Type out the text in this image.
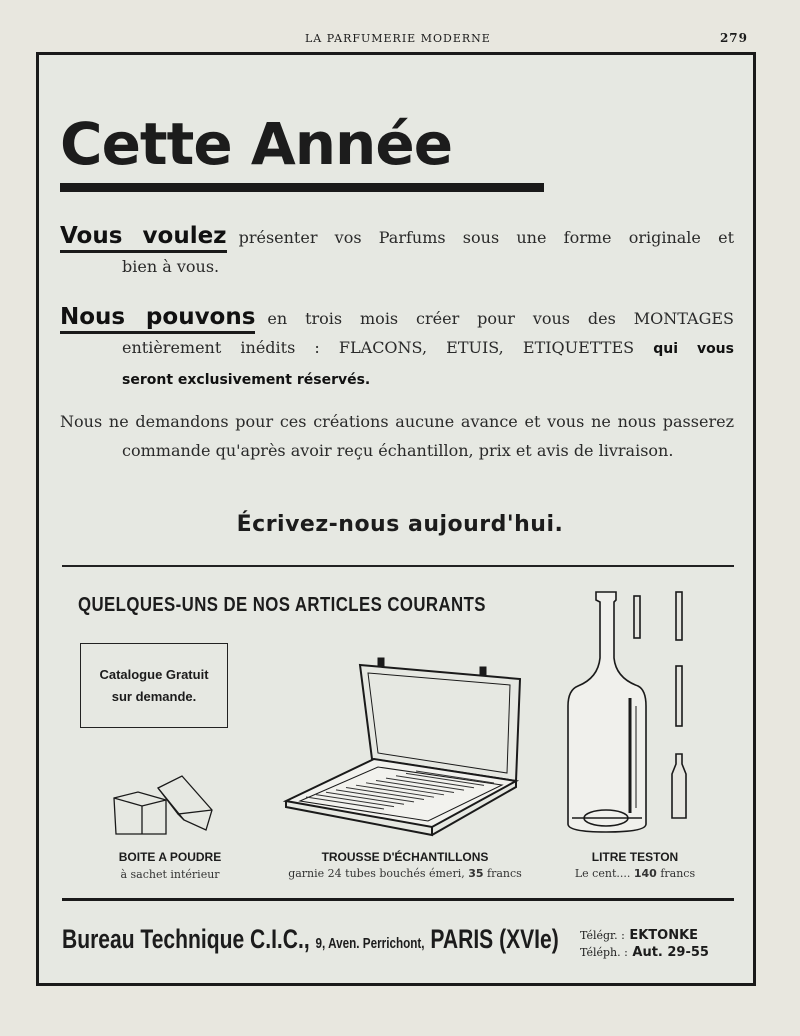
LA PARFUMERIE MODERNE	279
Cette Année

Vous voulez présenter vos Parfums sous une forme originale et
bien à vous.

Nous pouvons en trois mois créer pour vous des MONTAGES
entièrement inédits : FLACONS, ETUIS, ETIQUETTES qui vous
seront exclusivement réservés.

Nous ne demandons pour ces créations aucune avance et vous ne nous passerez commande qu'après avoir reçu échantillon, prix et avis de livraison.

Écrivez-nous aujourd'hui.

QUELQUES-UNS DE NOS ARTICLES COURANTS
Catalogue Gratuit
sur demande.

BOITE A POUDRE

à sachet intérieur

TROUSSE D'ÉCHANTILLONS

garnie 24 tubes bouchés émeri, 35 francs

LITRE TESTON

Le cent.... 140 francs

Bureau Technique C.I.C., 9, Aven. Perrichont, PARIS (XVIe) Télégr. : EKTONKE
Téléph. : Aut. 29-55
